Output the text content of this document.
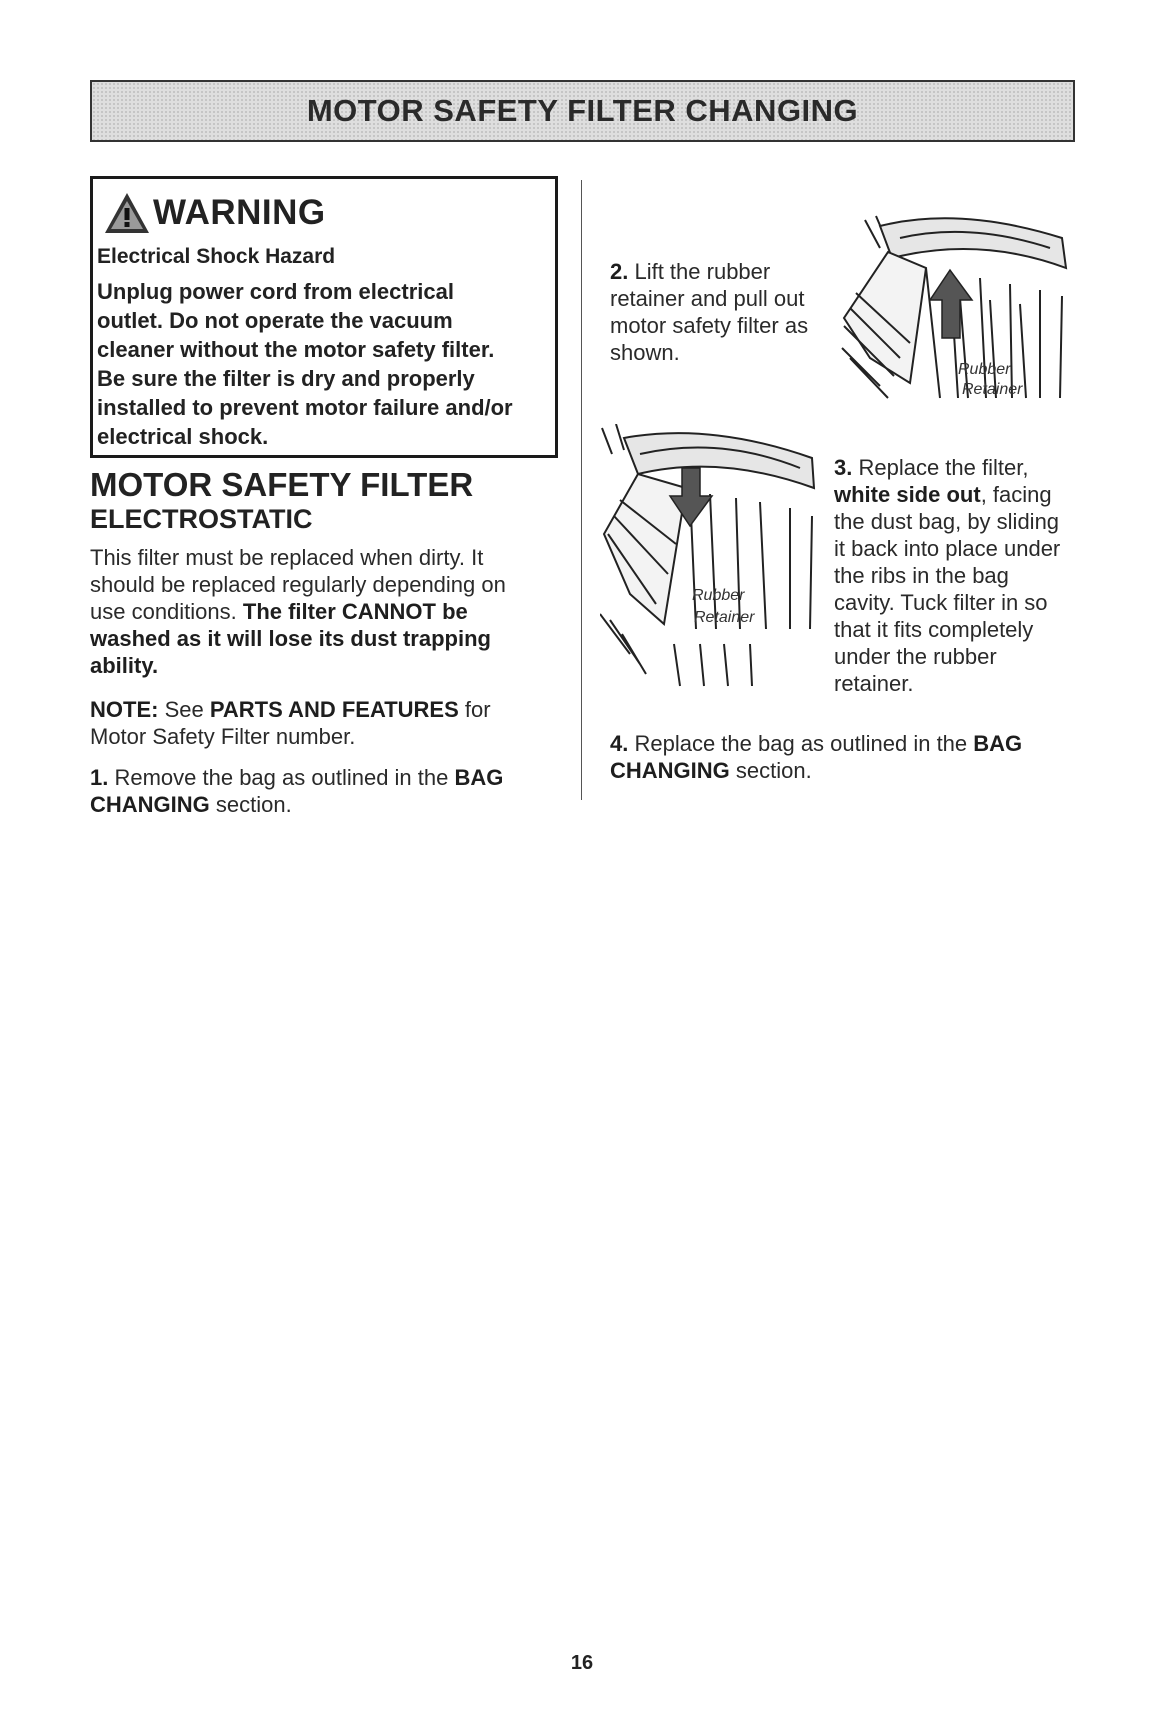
MOTOR SAFETY FILTER CHANGING
WARNING
Electrical Shock Hazard
Unplug power cord from electrical
outlet. Do not operate the vacuum
cleaner without the motor safety filter.
Be sure the filter is dry and properly
installed to prevent motor failure and/or
electrical shock.
MOTOR SAFETY FILTER
ELECTROSTATIC
This filter must be replaced when dirty. It
should be replaced regularly depending on
use conditions. The filter CANNOT be
washed as it will lose its dust trapping
ability.
NOTE: See PARTS AND FEATURES for
Motor Safety Filter number.
1. Remove the bag as outlined in the BAG
CHANGING section.
2. Lift the rubber
retainer and pull out
motor safety filter as
shown.
Rubber
Retainer
Rubber
Retainer
3. Replace the filter,
white side out, facing
the dust bag, by sliding
it back into place under
the ribs in the bag
cavity. Tuck filter in so
that it fits completely
under the rubber
retainer.
4. Replace the bag as outlined in the BAG
CHANGING section.
16
